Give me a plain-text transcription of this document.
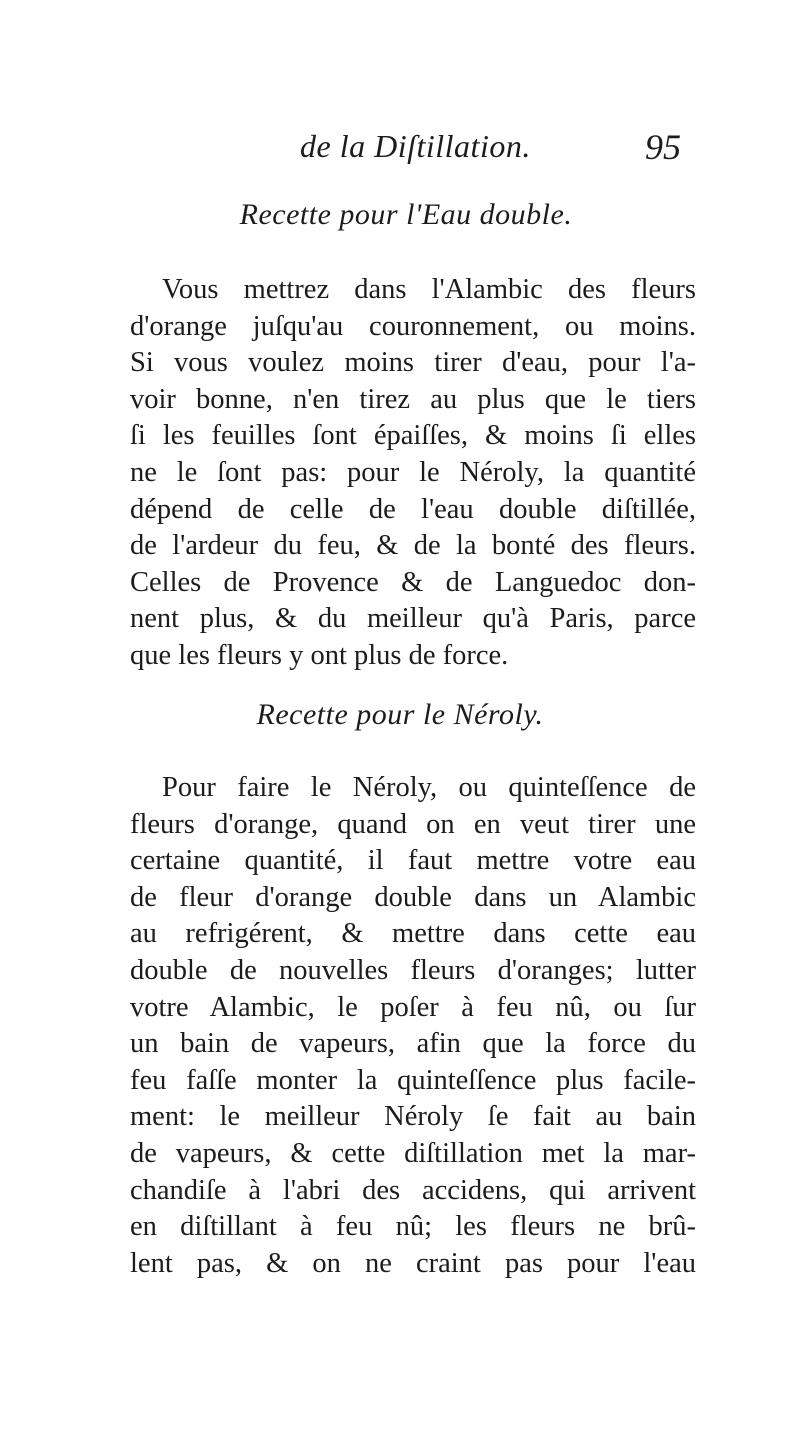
de la Diſtillation.	95
Recette pour l'Eau double.
Vous mettrez dans l'Alambic des fleurs
d'orange juſqu'au couronnement, ou moins.
Si vous voulez moins tirer d'eau, pour l'a-
voir bonne, n'en tirez au plus que le tiers
ſi les feuilles ſont épaiſſes, & moins ſi elles
ne le ſont pas: pour le Néroly, la quantité
dépend de celle de l'eau double diſtillée,
de l'ardeur du feu, & de la bonté des fleurs.
Celles de Provence & de Languedoc don-
nent plus, & du meilleur qu'à Paris, parce
que les fleurs y ont plus de force.
Recette pour le Néroly.
Pour faire le Néroly, ou quinteſſence de
fleurs d'orange, quand on en veut tirer une
certaine quantité, il faut mettre votre eau
de fleur d'orange double dans un Alambic
au refrigérent, & mettre dans cette eau
double de nouvelles fleurs d'oranges; lutter
votre Alambic, le poſer à feu nû, ou ſur
un bain de vapeurs, afin que la force du
feu faſſe monter la quinteſſence plus facile-
ment: le meilleur Néroly ſe fait au bain
de vapeurs, & cette diſtillation met la mar-
chandiſe à l'abri des accidens, qui arrivent
en diſtillant à feu nû; les fleurs ne brû-
lent pas, & on ne craint pas pour l'eau
